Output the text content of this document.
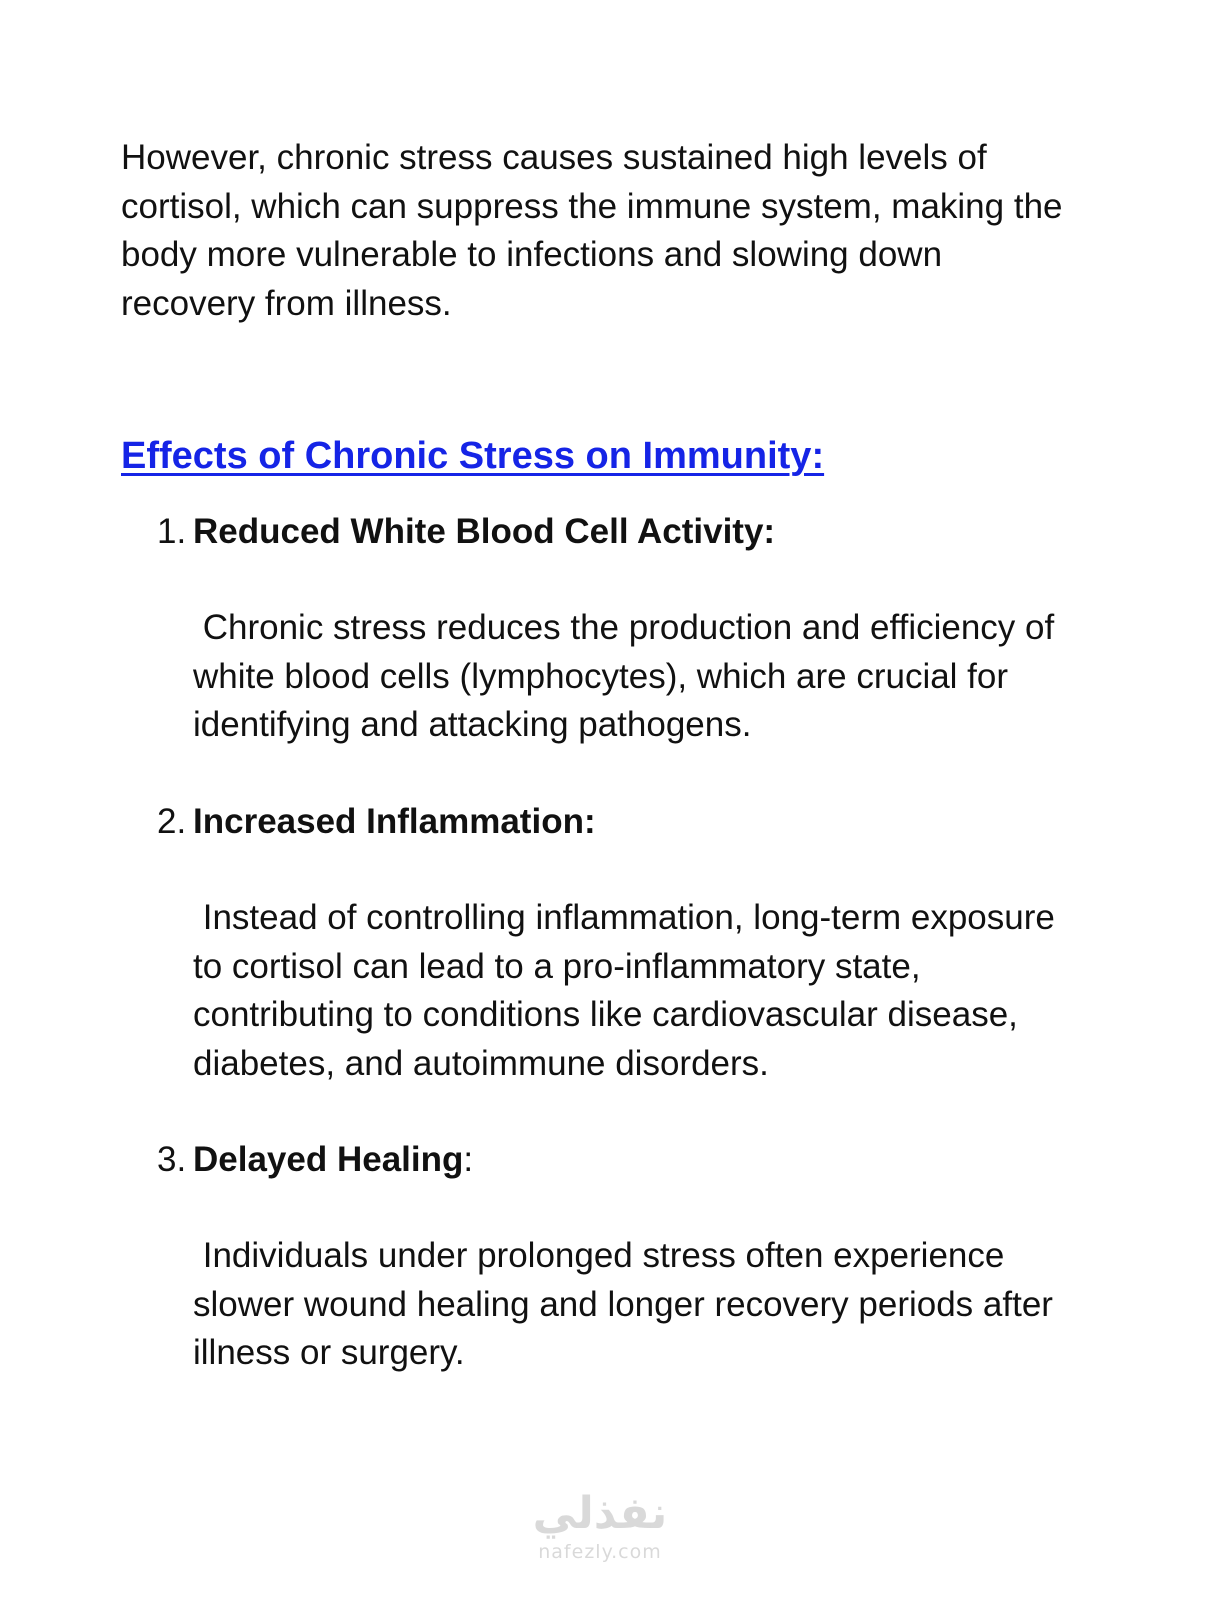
However, chronic stress causes sustained high levels of cortisol, which can suppress the immune system, making the body more vulnerable to infections and slowing down recovery from illness.

Effects of Chronic Stress on Immunity:
1. Reduced White Blood Cell Activity:

Chronic stress reduces the production and efficiency of white blood cells (lymphocytes), which are crucial for identifying and attacking pathogens.

2. Increased Inflammation:

Instead of controlling inflammation, long-term exposure to cortisol can lead to a pro-inflammatory state, contributing to conditions like cardiovascular disease, diabetes, and autoimmune disorders.

3. Delayed Healing:

Individuals under prolonged stress often experience slower wound healing and longer recovery periods after illness or surgery.

نفذلي
nafezly.com
